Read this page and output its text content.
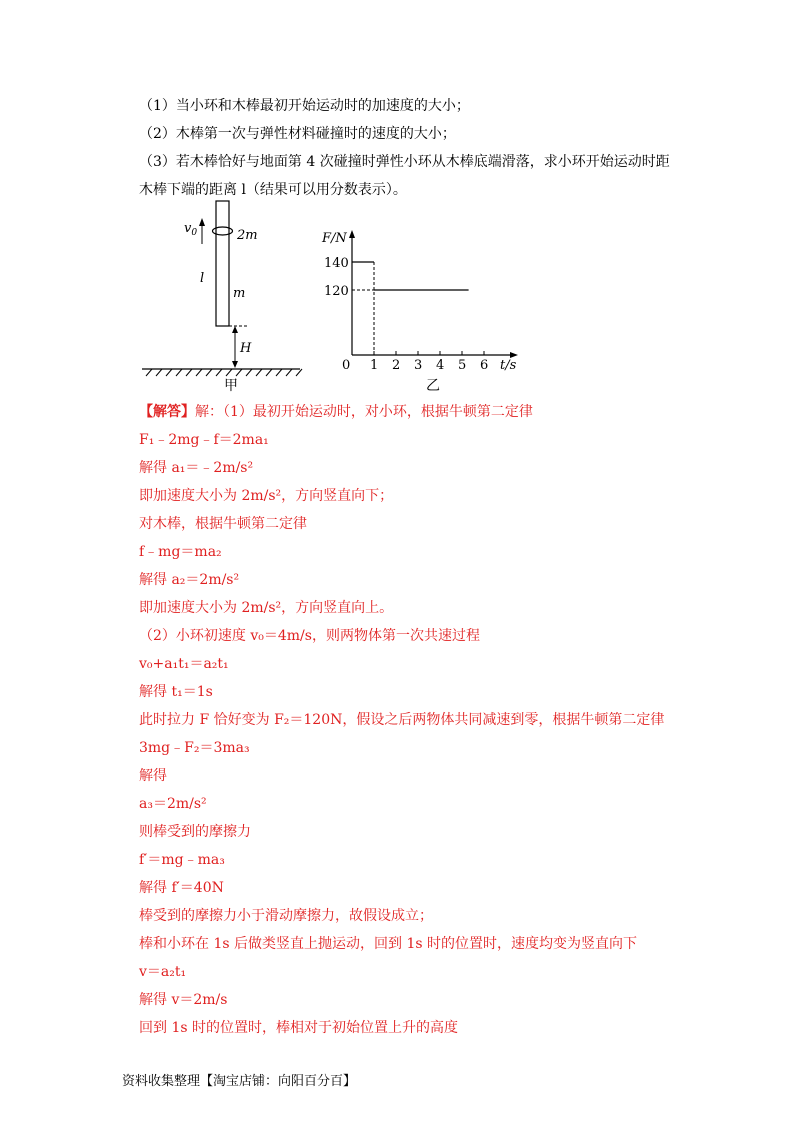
（1）当小环和木棒最初开始运动时的加速度的大小；
（2）木棒第一次与弹性材料碰撞时的速度的大小；
（3）若木棒恰好与地面第 4 次碰撞时弹性小环从木棒底端滑落，求小环开始运动时距
木棒下端的距离 l（结果可以用分数表示）。
$v_0$	2m
l
m
H
甲
F/N
t/s
0 1 2 3 4 5 6
120
140
乙
【解答】解：（1）最初开始运动时，对小环，根据牛顿第二定律
F₁﹣2mg﹣f＝2ma₁
解得 a₁＝﹣2m/s²
即加速度大小为 2m/s²，方向竖直向下；
对木棒，根据牛顿第二定律
f﹣mg＝ma₂
解得 a₂＝2m/s²
即加速度大小为 2m/s²，方向竖直向上。
（2）小环初速度 v₀＝4m/s，则两物体第一次共速过程
v₀+a₁t₁＝a₂t₁
解得 t₁＝1s
此时拉力 F 恰好变为 F₂＝120N，假设之后两物体共同减速到零，根据牛顿第二定律
3mg﹣F₂＝3ma₃
解得
a₃＝2m/s²
则棒受到的摩擦力
f′＝mg﹣ma₃
解得 f′＝40N
棒受到的摩擦力小于滑动摩擦力，故假设成立；
棒和小环在 1s 后做类竖直上抛运动，回到 1s 时的位置时，速度均变为竖直向下
v＝a₂t₁
解得 v＝2m/s
回到 1s 时的位置时，棒相对于初始位置上升的高度
资料收集整理【淘宝店铺：向阳百分百】
